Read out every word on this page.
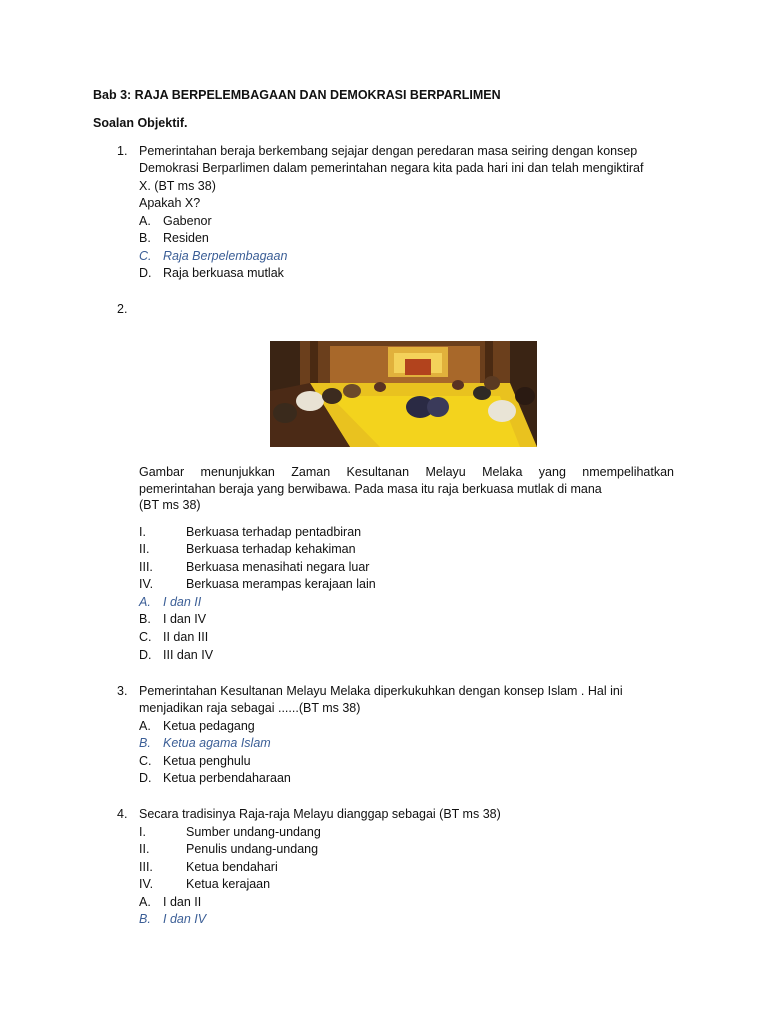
Bab 3: RAJA BERPELEMBAGAAN DAN DEMOKRASI BERPARLIMEN
Soalan Objektif.
1. Pemerintahan beraja berkembang sejajar dengan peredaran masa seiring dengan konsep
Demokrasi Berparlimen dalam pemerintahan negara kita pada hari ini dan telah mengiktiraf
X. (BT ms 38)
Apakah X?
A. Gabenor
B. Residen
C. Raja Berpelembagaan
D. Raja berkuasa mutlak
2.
Gambar menunjukkan Zaman Kesultanan Melayu Melaka yang nmempelihatkan
pemerintahan beraja yang berwibawa. Pada masa itu raja berkuasa mutlak di mana
(BT ms 38)
I.	Berkuasa terhadap pentadbiran
II.	Berkuasa terhadap kehakiman
III.	Berkuasa menasihati negara luar
IV.	Berkuasa merampas kerajaan lain
A. I dan II
B. I dan IV
C. II dan III
D. III dan IV
3. Pemerintahan Kesultanan Melayu Melaka diperkukuhkan dengan konsep Islam . Hal ini
menjadikan raja sebagai ......(BT ms 38)
A. Ketua pedagang
B. Ketua agama Islam
C. Ketua penghulu
D. Ketua perbendaharaan
4. Secara tradisinya Raja-raja Melayu dianggap sebagai (BT ms 38)
I.	Sumber undang-undang
II.	Penulis undang-undang
III.	Ketua bendahari
IV.	Ketua kerajaan
A. I dan II
B. I dan IV
